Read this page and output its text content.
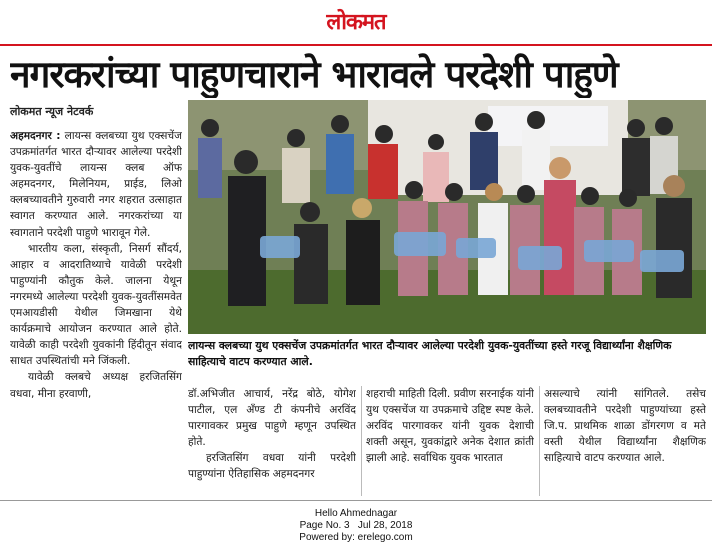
लोकमत
नगरकरांच्या पाहुणचाराने भारावले परदेशी पाहुणे
लोकमत न्यूज नेटवर्क

अहमदनगर : लायन्स क्लबच्या युथ एक्सचेंज उपक्रमांतर्गत भारत दौऱ्यावर आलेल्या परदेशी युवक-युवतींचे लायन्स क्लब ऑफ अहमदनगर, मिलेनियम, प्राईड, लिओ क्लबच्यावतीने गुरुवारी नगर शहरात उत्साहात स्वागत करण्यात आले. नगरकरांच्या या स्वागताने परदेशी पाहुणे भारावून गेले.

भारतीय कला, संस्कृती, निसर्ग सौंदर्य, आहार व आदरातिथ्याचे यावेळी परदेशी पाहुण्यांनी कौतुक केले. जालना येथून नगरमध्ये आलेल्या परदेशी युवक-युवतींसमवेत एमआयडीसी येथील जिमखाना येथे कार्यक्रमाचे आयोजन करण्यात आले होते. यावेळी काही परदेशी युवकांनी हिंदीतून संवाद साधत उपस्थितांची मने जिंकली.

यावेळी क्लबचे अध्यक्ष हरजितसिंग वधवा, मीना हरवाणी,

लायन्स क्लबच्या युथ एक्सचेंज उपक्रमांतर्गत भारत दौऱ्यावर आलेल्या परदेशी युवक-युवतींच्या हस्ते गरजू विद्यार्थ्यांना शैक्षणिक साहित्याचे वाटप करण्यात आले.

डॉ.अभिजीत आचार्य, नरेंद्र बोठे, योगेश पाटील, एल अँण्ड टी कंपनीचे अरविंद पारगावकर प्रमुख पाहुणे म्हणून उपस्थित होते.

हरजितसिंग वधवा यांनी परदेशी पाहुण्यांना ऐतिहासिक अहमदनगर

शहराची माहिती दिली. प्रवीण सरनाईक यांनी युथ एक्सचेंज या उपक्रमाचे उद्दिष्ट स्पष्ट केले. अरविंद पारगावकर यांनी युवक देशाची शक्ती असून, युवकांद्वारे अनेक देशात क्रांती झाली आहे. सर्वाधिक युवक भारतात

असल्याचे त्यांनी सांगितले. तसेच क्लबच्यावतीने परदेशी पाहुण्यांच्या हस्ते जि.प. प्राथमिक शाळा डोंगरगण व मते वस्ती येथील विद्यार्थ्यांना शैक्षणिक साहित्याचे वाटप करण्यात आले.

Hello Ahmednagar
Page No. 3   Jul 28, 2018
Powered by: erelego.com
